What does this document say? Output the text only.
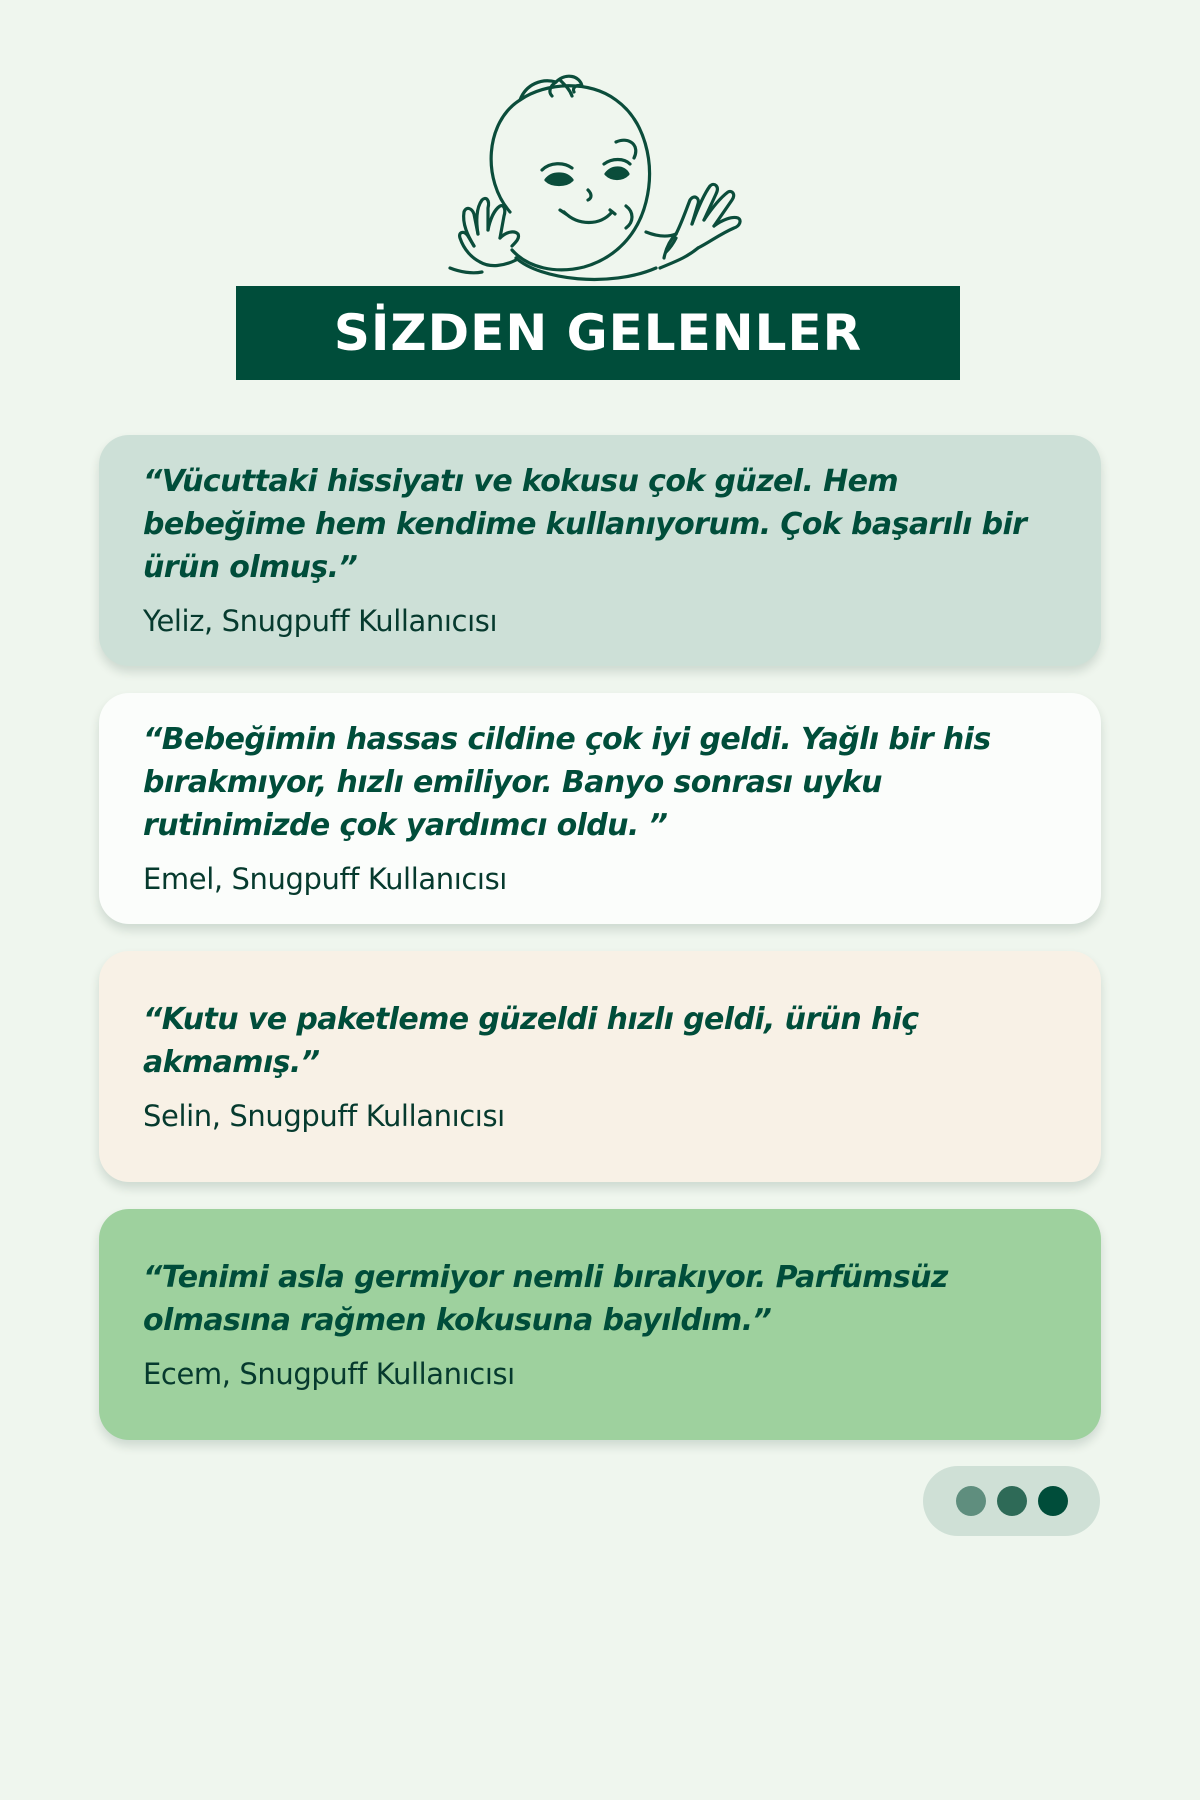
SİZDEN GELENLER

“Vücuttaki hissiyatı ve kokusu çok güzel. Hem bebeğime hem kendime kullanıyorum. Çok başarılı bir ürün olmuş.”

Yeliz, Snugpuff Kullanıcısı

“Bebeğimin hassas cildine çok iyi geldi. Yağlı bir his bırakmıyor, hızlı emiliyor. Banyo sonrası uyku rutinimizde çok yardımcı oldu. ”

Emel, Snugpuff Kullanıcısı

“Kutu ve paketleme güzeldi hızlı geldi, ürün hiç akmamış.”

Selin, Snugpuff Kullanıcısı

“Tenimi asla germiyor nemli bırakıyor. Parfümsüz olmasına rağmen kokusuna bayıldım.”

Ecem, Snugpuff Kullanıcısı
